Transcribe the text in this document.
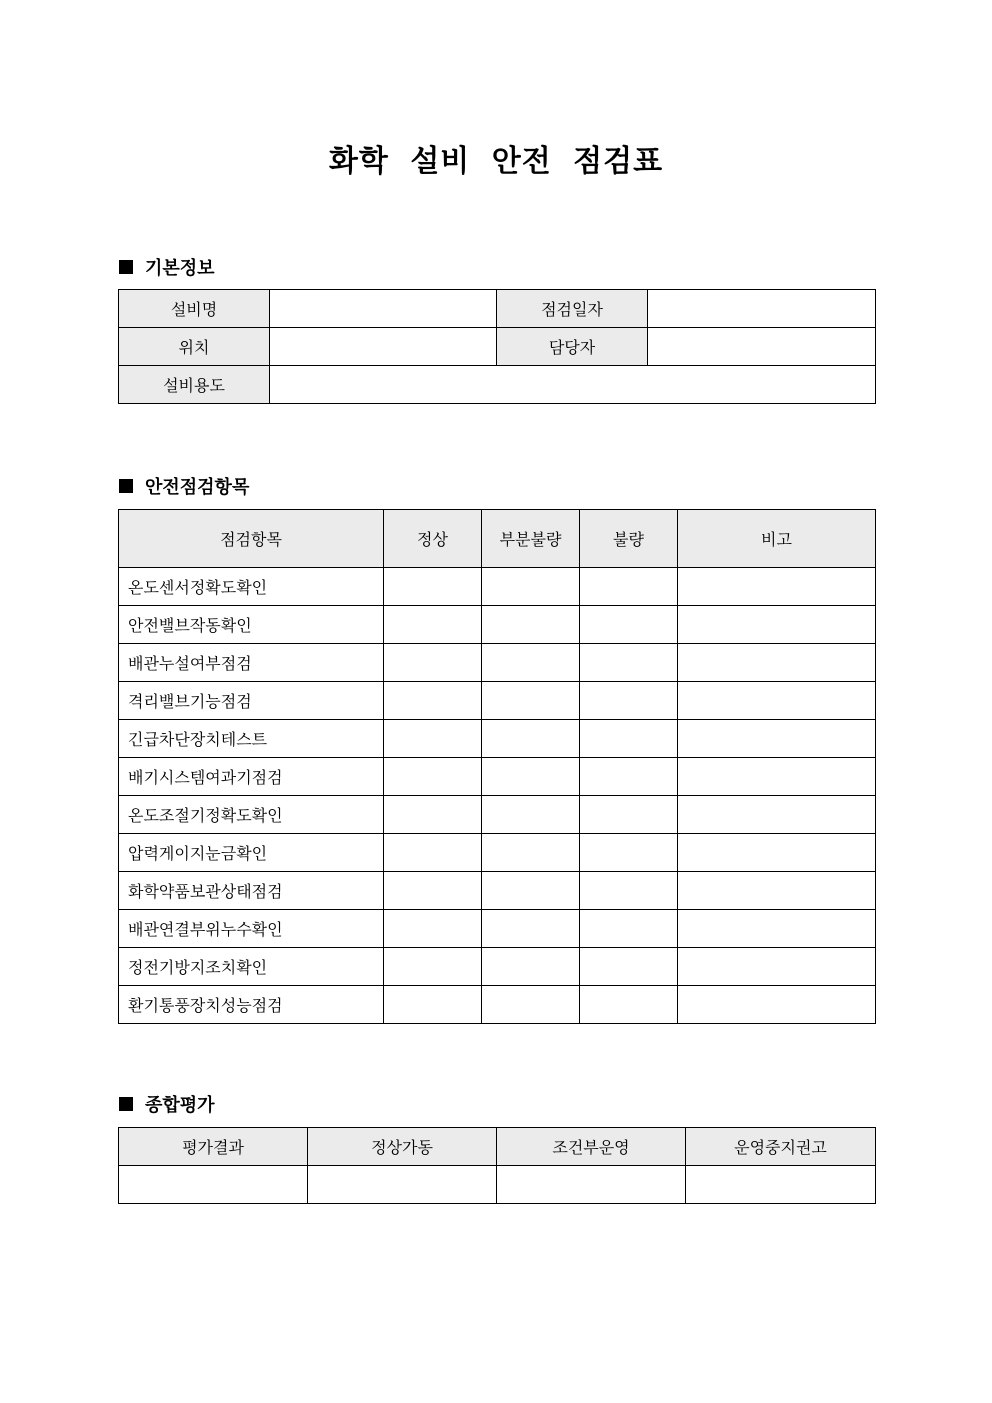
화학 설비 안전 점검표
기본정보
설비명		점검일자	
위치		담당자	
설비용도			
안전점검항목
점검항목	정상	부분불량	불량	비고
온도센서정확도확인				
안전밸브작동확인				
배관누설여부점검				
격리밸브기능점검				
긴급차단장치테스트				
배기시스템여과기점검				
온도조절기정확도확인				
압력게이지눈금확인				
화학약품보관상태점검				
배관연결부위누수확인				
정전기방지조치확인				
환기통풍장치성능점검				
종합평가
평가결과	정상가동	조건부운영	운영중지권고
